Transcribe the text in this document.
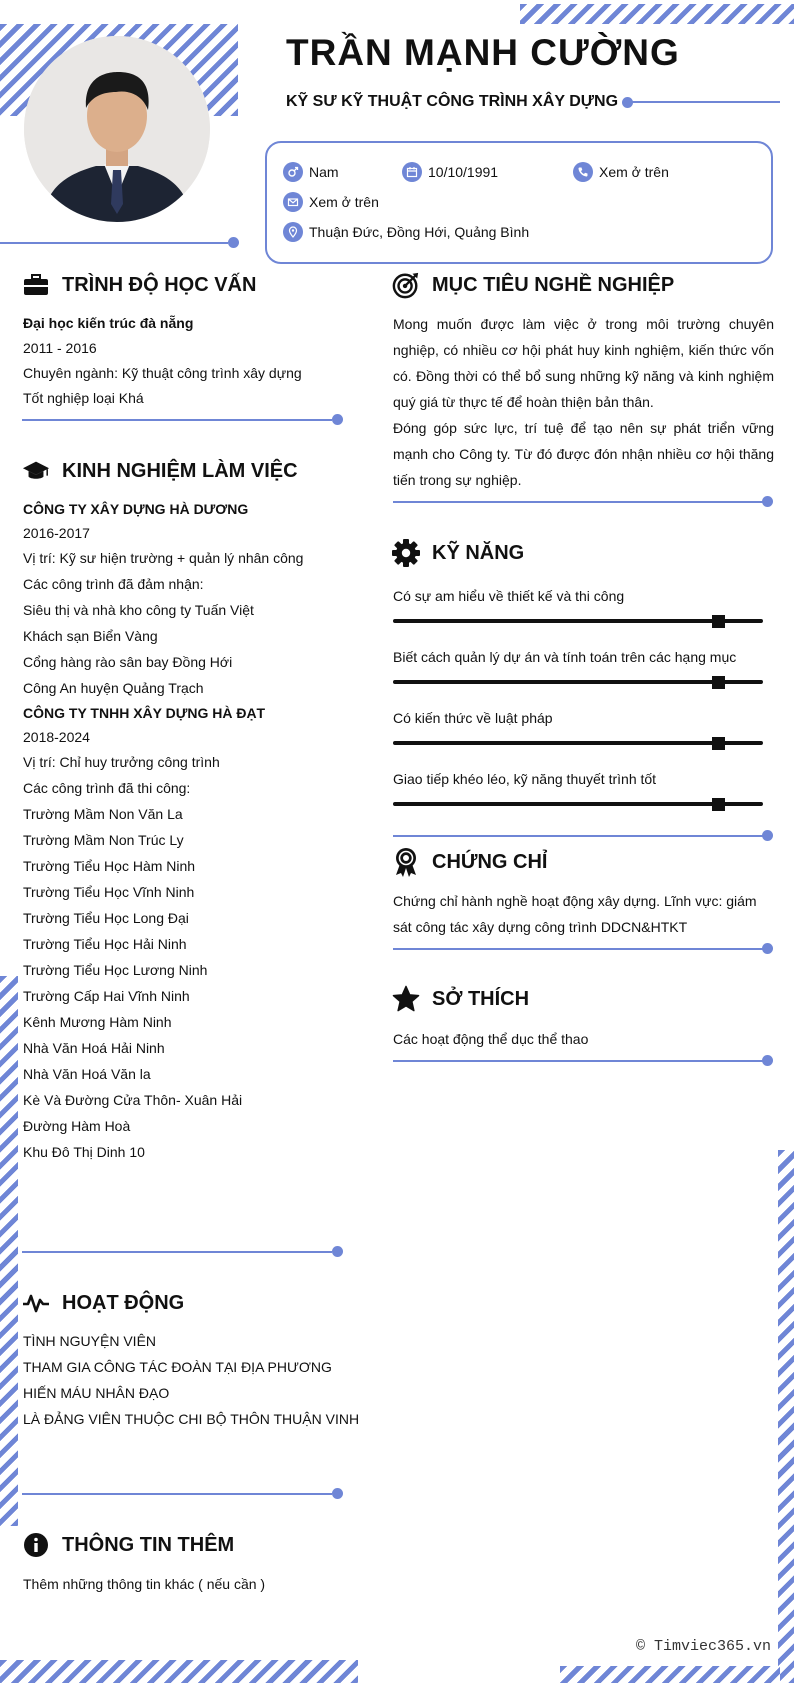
TRẦN MẠNH CƯỜNG
KỸ SƯ KỸ THUẬT CÔNG TRÌNH XÂY DỰNG
Nam	10/10/1991	Xem ở trên
Xem ở trên
Thuận Đức, Đồng Hới, Quảng Bình
TRÌNH ĐỘ HỌC VẤN
Đại học kiến trúc đà nẵng
2011 - 2016
Chuyên ngành: Kỹ thuật công trình xây dựng
Tốt nghiệp loại Khá
KINH NGHIỆM LÀM VIỆC
CÔNG TY XÂY DỰNG HÀ DƯƠNG
2016-2017
Vị trí: Kỹ sư hiện trường + quản lý nhân công
Các công trình đã đảm nhận:
Siêu thị và nhà kho công ty Tuấn Việt
Khách sạn Biển Vàng
Cổng hàng rào sân bay Đồng Hới
Công An huyện Quảng Trạch
CÔNG TY TNHH XÂY DỰNG HÀ ĐẠT
2018-2024
Vị trí: Chỉ huy trưởng công trình
Các công trình đã thi công:
Trường Mầm Non Văn La
Trường Mầm Non Trúc Ly
Trường Tiểu Học Hàm Ninh
Trường Tiểu Học Vĩnh Ninh
Trường Tiểu Học Long Đại
Trường Tiểu Học Hải Ninh
Trường Tiểu Học Lương Ninh
Trường Cấp Hai Vĩnh Ninh
Kênh Mương Hàm Ninh
Nhà Văn Hoá Hải Ninh
Nhà Văn Hoá Văn la
Kè Và Đường Cửa Thôn- Xuân Hải
Đường Hàm Hoà
Khu Đô Thị Dinh 10
HOẠT ĐỘNG
TÌNH NGUYỆN VIÊN
THAM GIA CÔNG TÁC ĐOÀN TẠI ĐỊA PHƯƠNG
HIẾN MÁU NHÂN ĐẠO
LÀ ĐẢNG VIÊN THUỘC CHI BỘ THÔN THUẬN VINH
THÔNG TIN THÊM
Thêm những thông tin khác ( nếu cần )
MỤC TIÊU NGHỀ NGHIỆP
Mong muốn được làm việc ở trong môi trường chuyên nghiệp, có nhiều cơ hội phát huy kinh nghiệm, kiến thức vốn có. Đồng thời có thể bổ sung những kỹ năng và kinh nghiệm quý giá từ thực tế để hoàn thiện bản thân.
Đóng góp sức lực, trí tuệ để tạo nên sự phát triển vững mạnh cho Công ty. Từ đó được đón nhận nhiều cơ hội thăng tiến trong sự nghiệp.
KỸ NĂNG
Có sự am hiểu về thiết kế và thi công
Biết cách quản lý dự án và tính toán trên các hạng mục
Có kiến thức về luật pháp
Giao tiếp khéo léo, kỹ năng thuyết trình tốt
CHỨNG CHỈ
Chứng chỉ hành nghề hoạt động xây dựng. Lĩnh vực: giám sát công tác xây dựng công trình DDCN&HTKT
SỞ THÍCH
Các hoạt động thể dục thể thao
© Timviec365.vn
